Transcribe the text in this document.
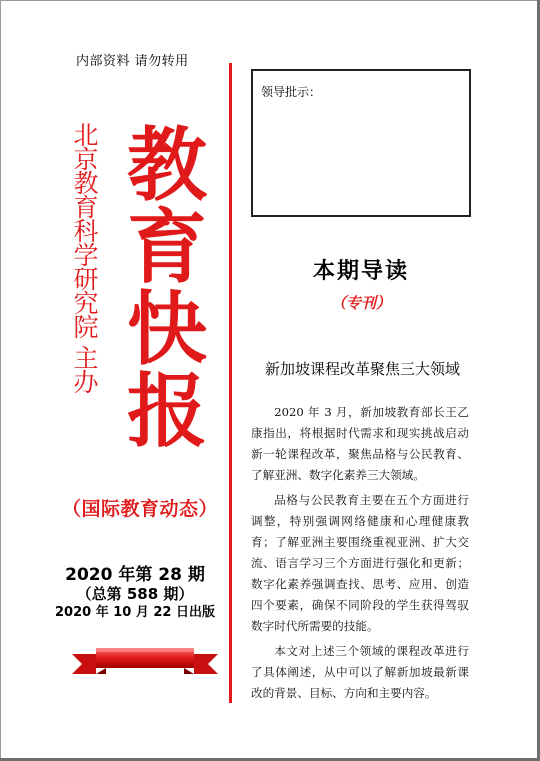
内部资料 请勿转用
北京教育科学研究院 主办 教
育
快
报
（国际教育动态）
2020 年第 28 期
（总第 588 期）
2020 年 10 月 22 日出版
领导批示：
本期导读
（专刊）
新加坡课程改革聚焦三大领域

2020 年 3 月，新加坡教育部长王乙康指出，将根据时代需求和现实挑战启动新一轮课程改革，聚焦品格与公民教育、了解亚洲、数字化素养三大领域。

品格与公民教育主要在五个方面进行调整，特别强调网络健康和心理健康教育；了解亚洲主要围绕重视亚洲、扩大交流、语言学习三个方面进行强化和更新；数字化素养强调查找、思考、应用、创造四个要素，确保不同阶段的学生获得驾驭数字时代所需要的技能。

本文对上述三个领域的课程改革进行了具体阐述，从中可以了解新加坡最新课改的背景、目标、方向和主要内容。
